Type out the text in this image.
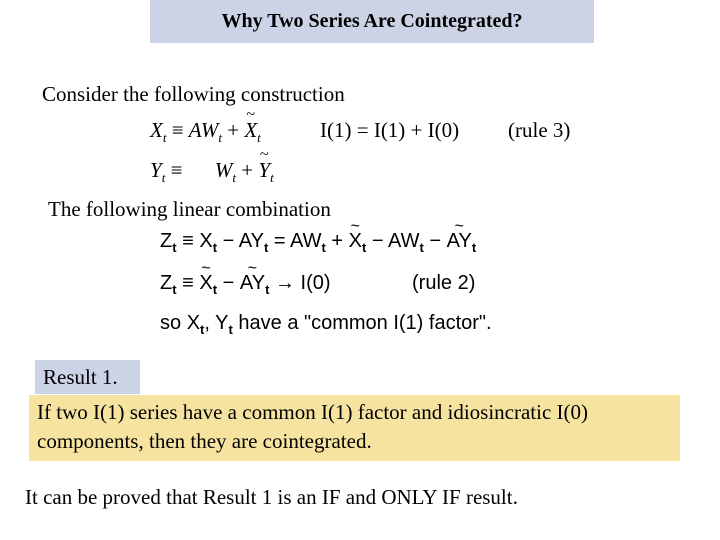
Why Two Series Are Cointegrated?
Consider the following construction
$X_t \equiv AW_t$ + ~ $X_t$	I(1) = I(1) + I(0) (rule 3)
$Y_t \equiv W_t$ + ~ $Y_t$
The following linear combination
$Z_t \equiv X_t - AY_t = AW_t$ + ~ $X_t - AW_t$ − ~ $AY_t$
$Z_t$ ≡ ~ $X_t$ − ~ $AY_t \to I(0)$	(rule 2)
so $X_t$, $Y_t$ have a "common I(1) factor".
Result 1.
If two I(1) series have a common I(1) factor and idiosincratic I(0)
components, then they are cointegrated.
It can be proved that Result 1 is an IF and ONLY IF result.
